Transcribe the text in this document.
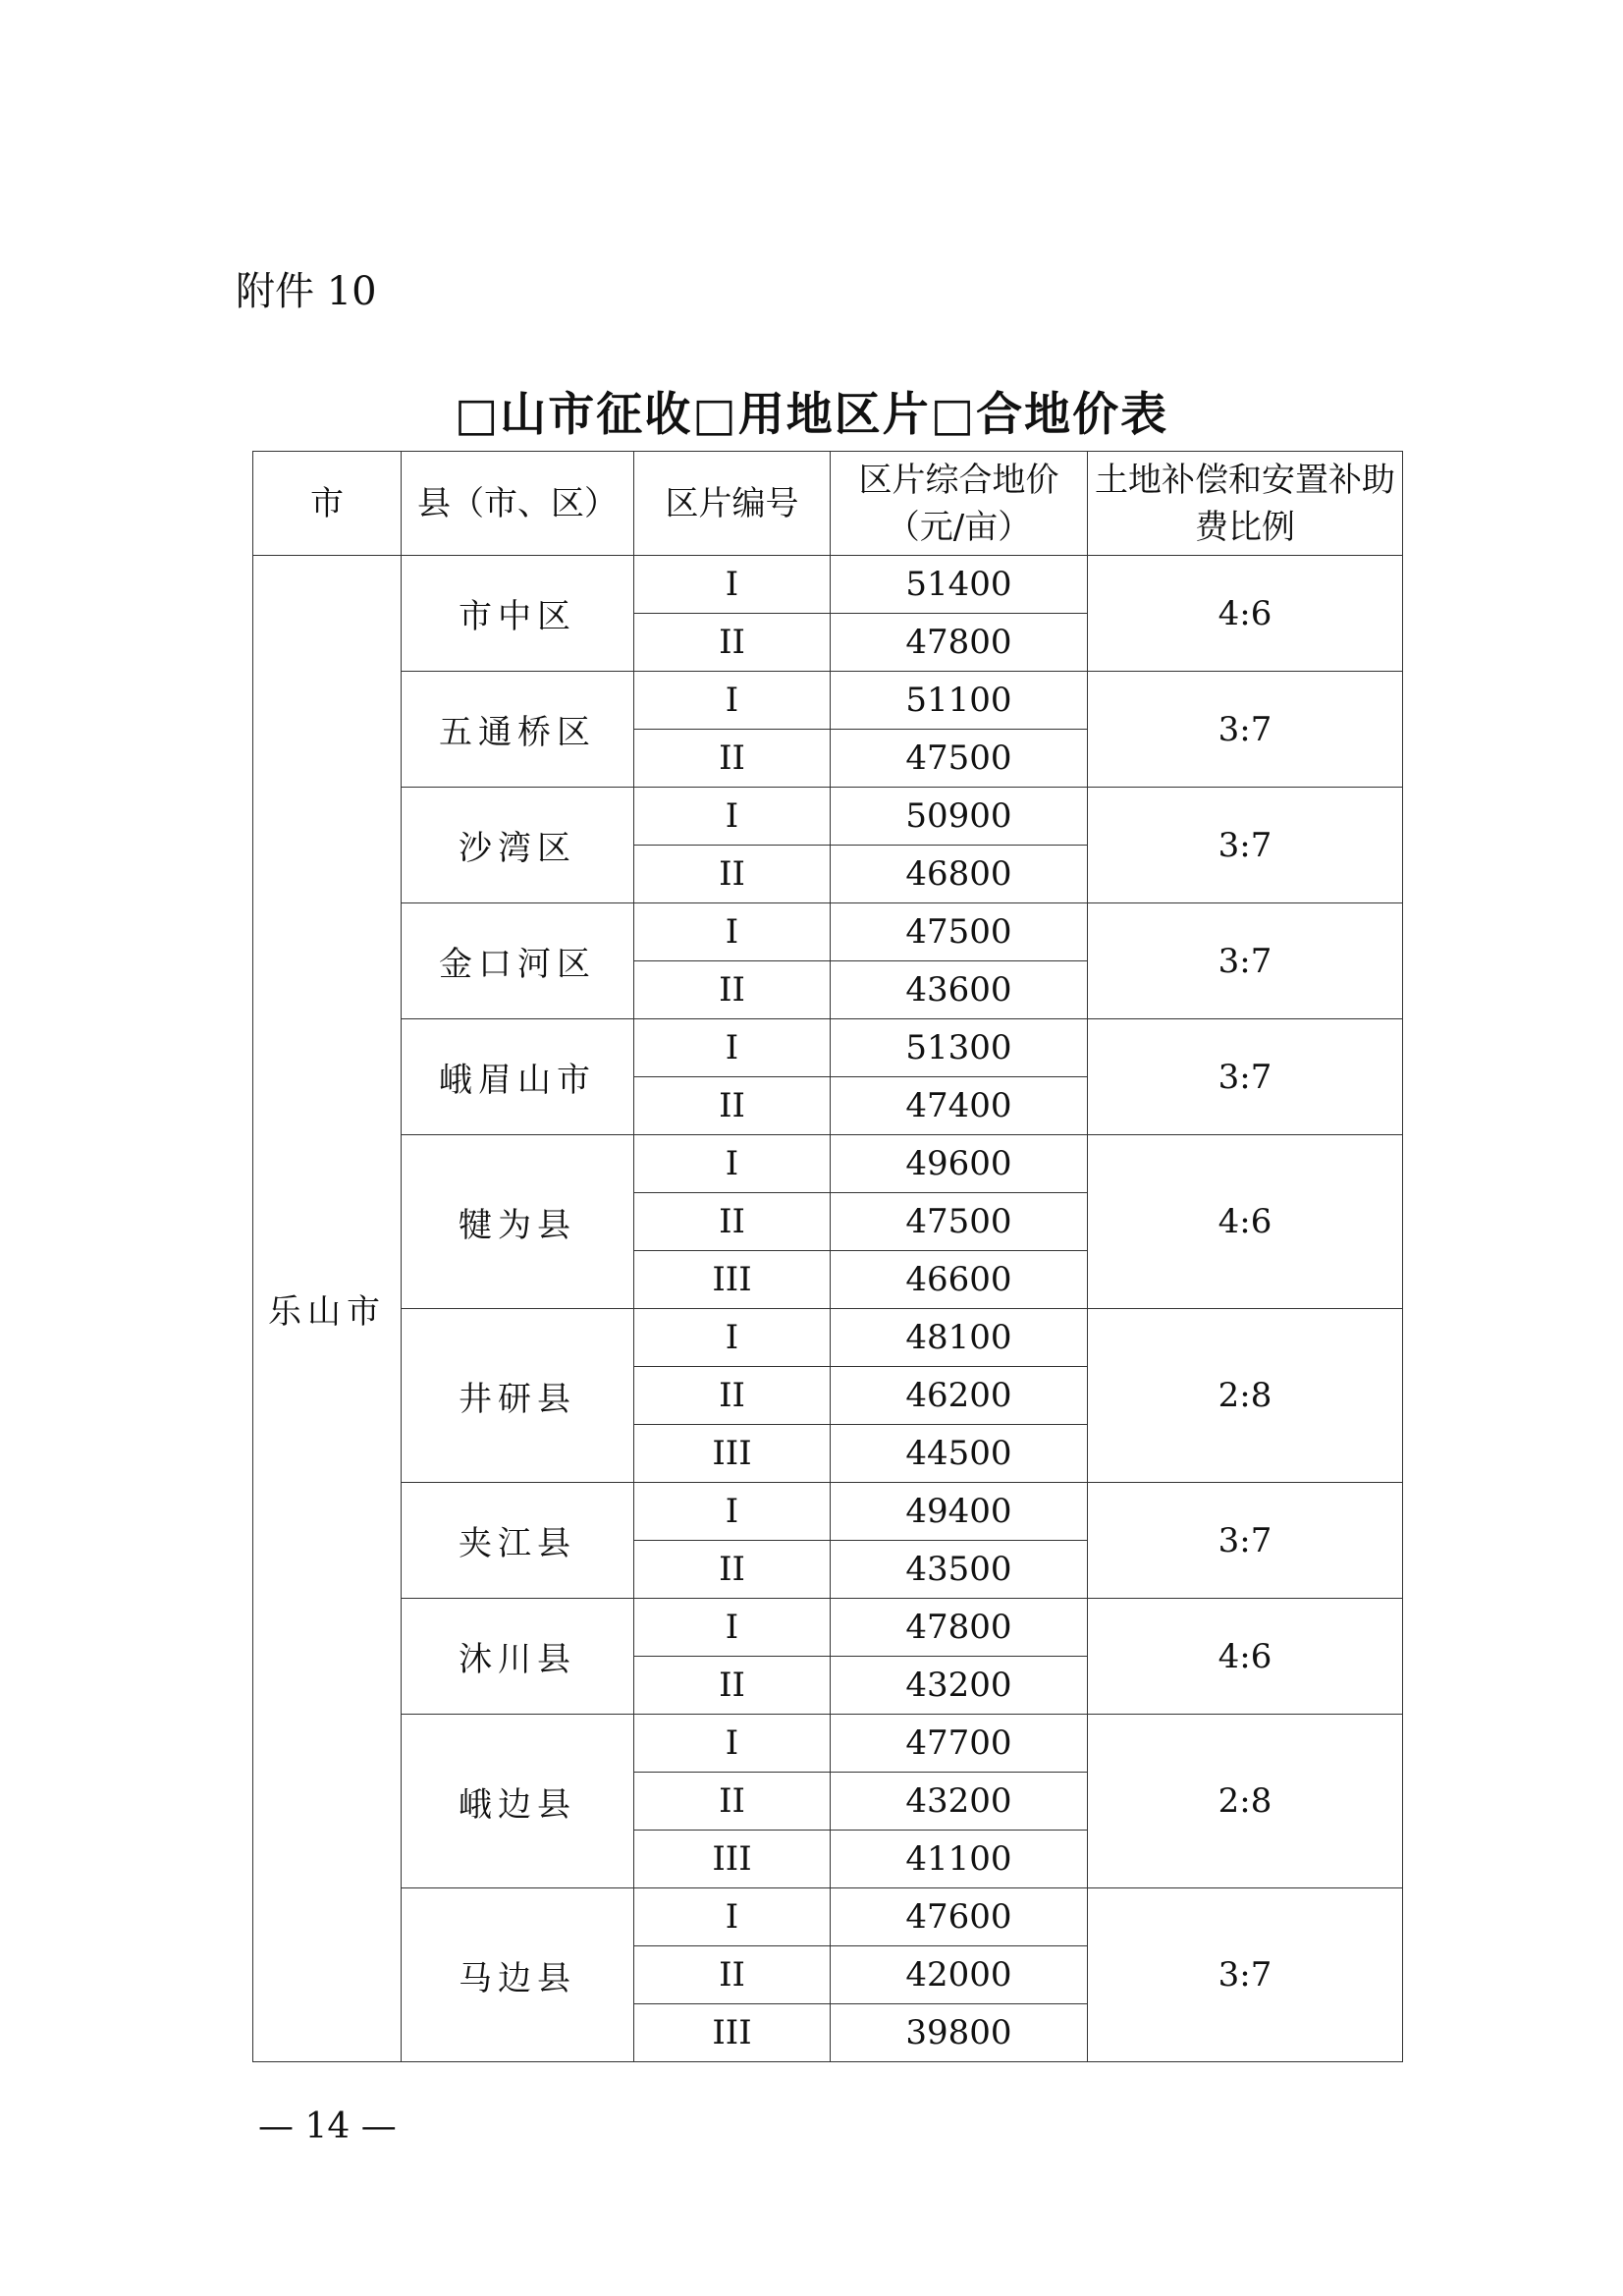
附件 10
□山市征收□用地区片□合地价表
市	县（市、区）	区片编号	区片综合地价（元/亩）	土地补偿和安置补助费比例
乐山市	市中区	I	51400	4:6
		II	47800	
	五通桥区	I	51100	3:7
		II	47500	
	沙湾区	I	50900	3:7
		II	46800	
	金口河区	I	47500	3:7
		II	43600	
	峨眉山市	I	51300	3:7
		II	47400	
	犍为县	I	49600	4:6
		II	47500	
		III	46600	
	井研县	I	48100	2:8
		II	46200	
		III	44500	
	夹江县	I	49400	3:7
		II	43500	
	沐川县	I	47800	4:6
		II	43200	
	峨边县	I	47700	2:8
		II	43200	
		III	41100	
	马边县	I	47600	3:7
		II	42000	
		III	39800	
— 14 —
